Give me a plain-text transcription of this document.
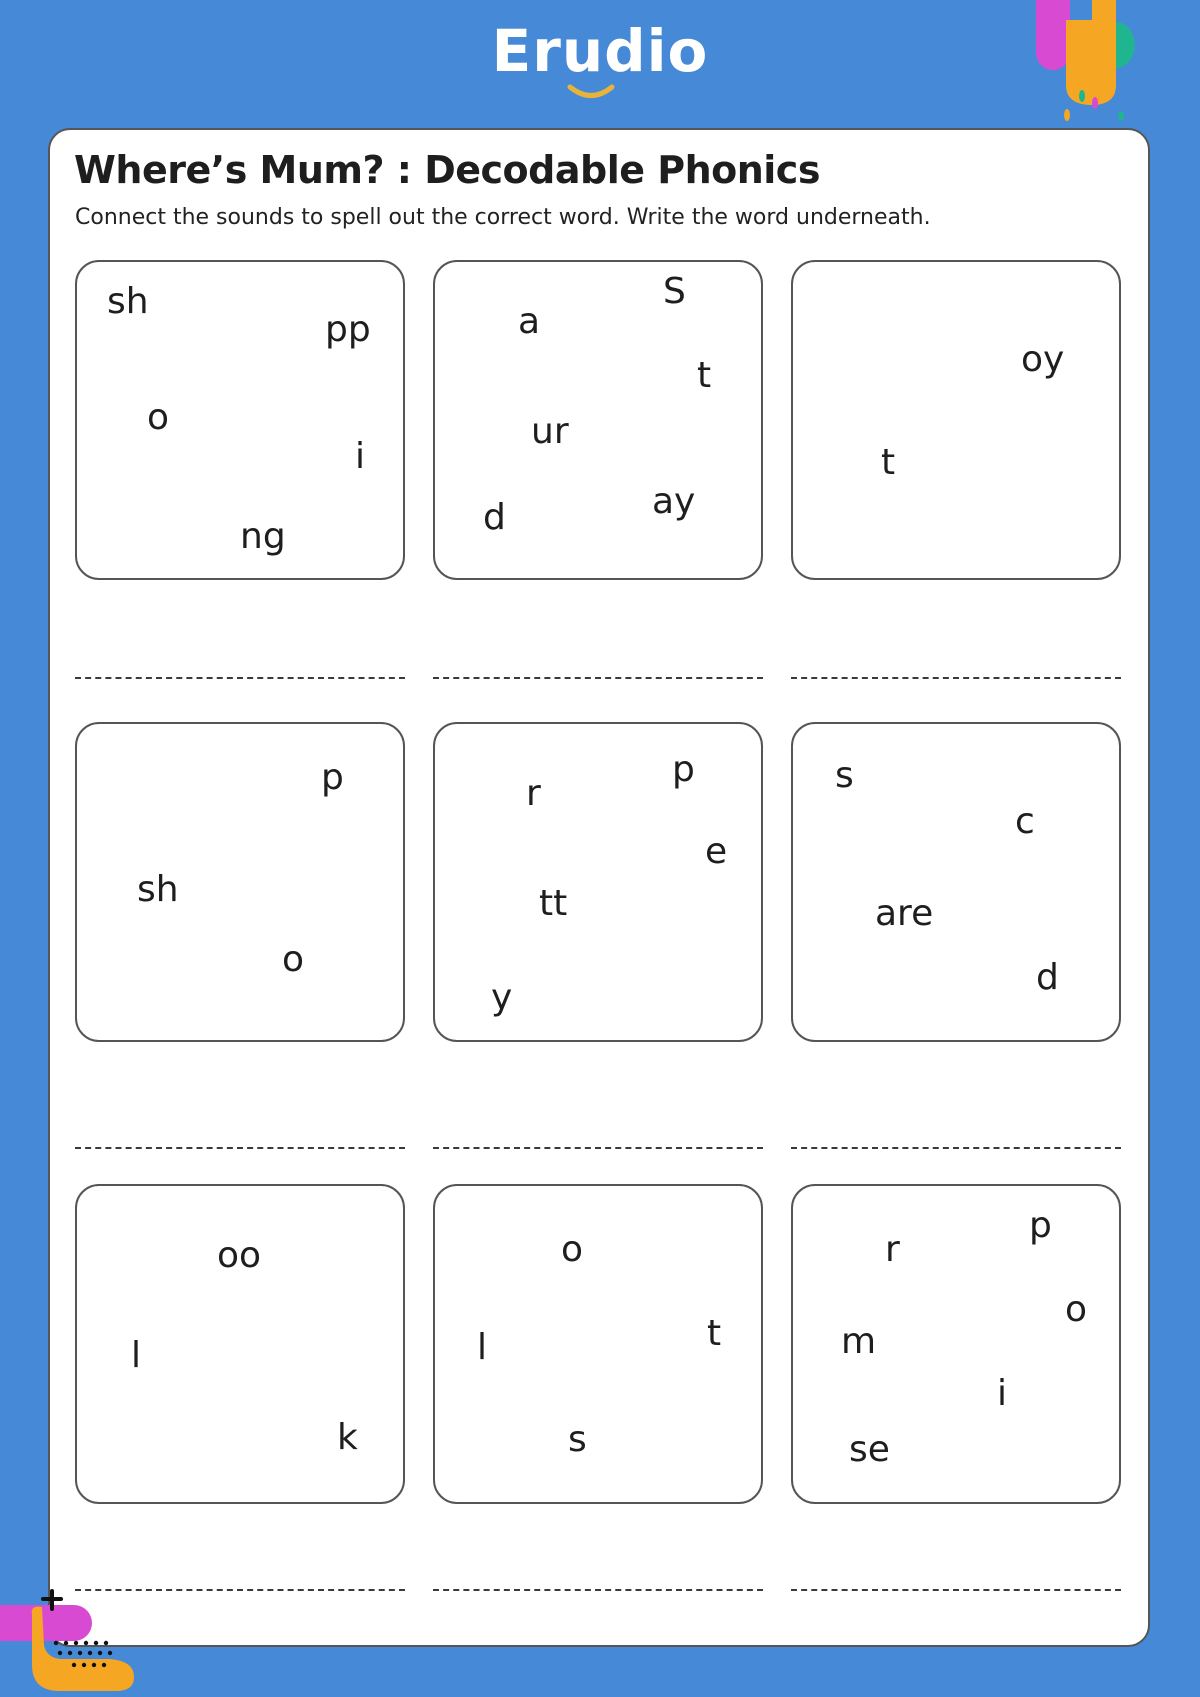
Erudio
Where’s Mum? : Decodable Phonics

Connect the sounds to spell out the correct word. Write the word underneath.

sh
pp
o
i
ng
S
a
t
ur
ay
d
oy
t
p
sh
o
p
r
e
tt
y
s
c
are
d
oo
l
k
o
l	t
s
p
r
o
m
i
se
